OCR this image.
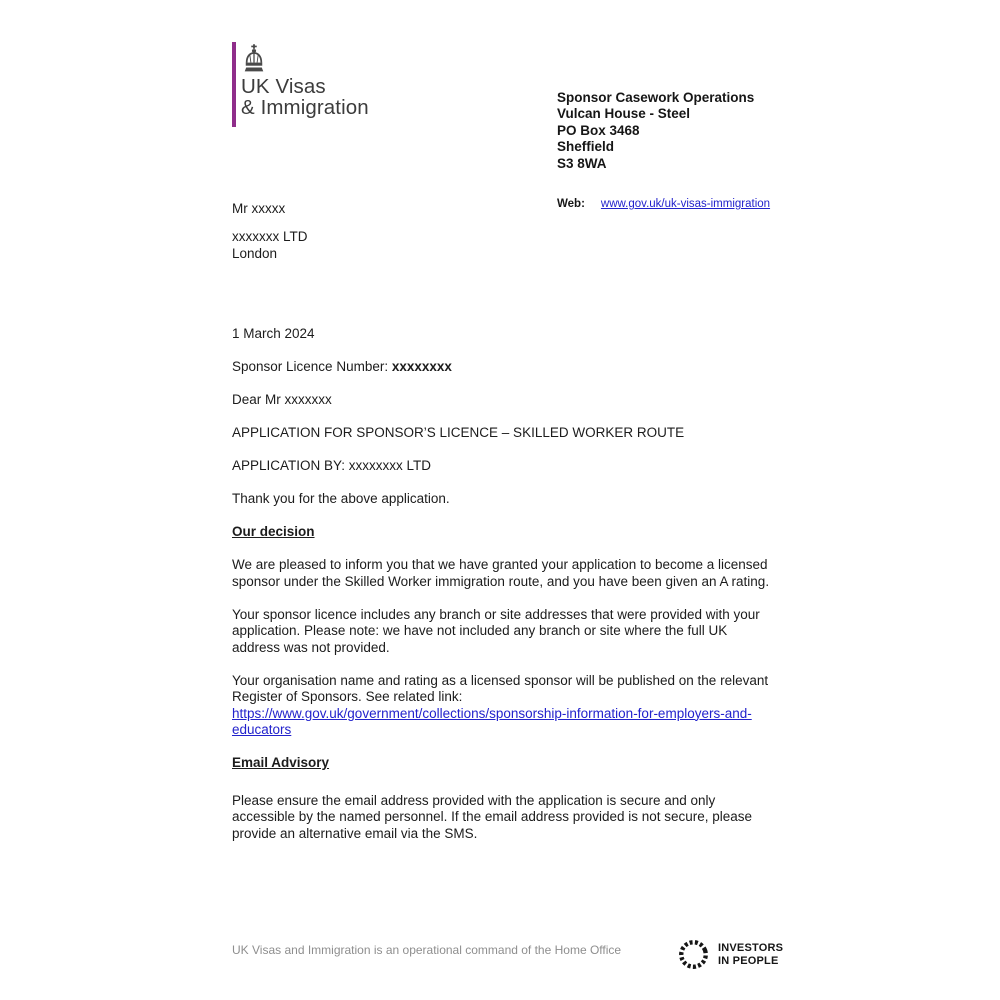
UK Visas
& Immigration	Sponsor Casework Operations
Vulcan House - Steel
PO Box 3468
Sheffield
S3 8WA
Web: www.gov.uk/uk-visas-immigration
Mr xxxxx
xxxxxxx LTD
London

1 March 2024

Sponsor Licence Number: xxxxxxxx

Dear Mr xxxxxxx

APPLICATION FOR SPONSOR’S LICENCE – SKILLED WORKER ROUTE

APPLICATION BY: xxxxxxxx LTD

Thank you for the above application.

Our decision

We are pleased to inform you that we have granted your application to become a licensed sponsor under the Skilled Worker immigration route, and you have been given an A rating.

Your sponsor licence includes any branch or site addresses that were provided with your application. Please note: we have not included any branch or site where the full UK address was not provided.

Your organisation name and rating as a licensed sponsor will be published on the relevant Register of Sponsors. See related link:
https://www.gov.uk/government/collections/sponsorship-information-for-employers-and-educators

Email Advisory

Please ensure the email address provided with the application is secure and only accessible by the named personnel. If the email address provided is not secure, please provide an alternative email via the SMS.

UK Visas and Immigration is an operational command of the Home Office	INVESTORS
IN PEOPLE
